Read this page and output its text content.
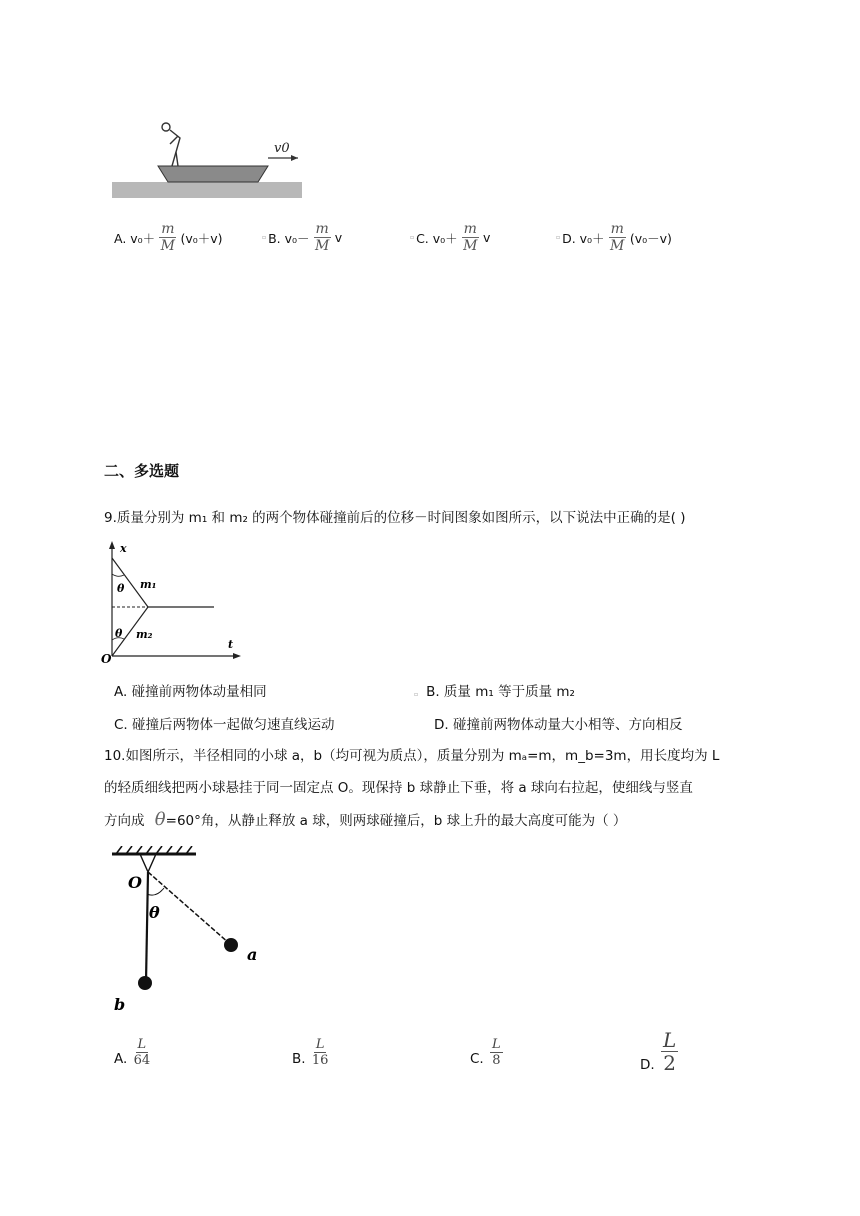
v0
A. $v_0+ \frac{m}{M} (v_0+v)$	▫ B. $v_0- \frac{m}{M}$ v	▫ C. $v_0+ \frac{m}{M}$ v	▫ D. $v_0+ \frac{m}{M} (v_0-v)$
二、多选题
9.质量分别为 m₁ 和 m₂ 的两个物体碰撞前后的位移－时间图象如图所示，以下说法中正确的是( )
x
t
O
m₁
m₂
θ
θ
A. 碰撞前两物体动量相同	▫ B. 质量 m₁ 等于质量 m₂
C. 碰撞后两物体一起做匀速直线运动	D. 碰撞前两物体动量大小相等、方向相反
10.如图所示，半径相同的小球 a，b（均可视为质点），质量分别为 mₐ=m，m_b=3m，用长度均为 L
的轻质细线把两小球悬挂于同一固定点 O。现保持 b 球静止下垂，将 a 球向右拉起，使细线与竖直
方向成 θ=60°角，从静止释放 a 球，则两球碰撞后，b 球上升的最大高度可能为（ ）
O
θ
a
b
A. $\frac{L}{64}$	B. $\frac{L}{16}$	C. $\frac{L}{8}$	D. $\frac{L}{2}$
